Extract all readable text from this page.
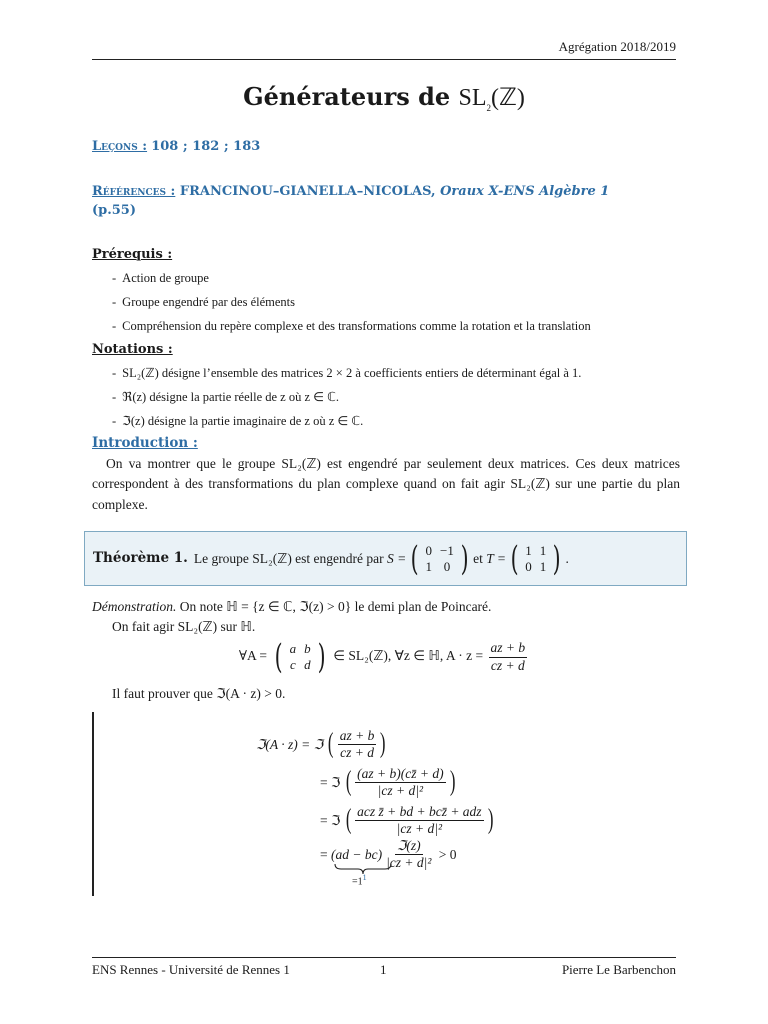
Agrégation 2018/2019
Générateurs de $SL_2(ℤ)$
Leçons : 108 ; 182 ; 183
Références : FRANCINOU–GIANELLA–NICOLAS, Oraux X-ENS Algèbre 1
(p.55)
Prérequis :
- Action de groupe
- Groupe engendré par des éléments
- Compréhension du repère complexe et des transformations comme la rotation et la translation
Notations :
- SL₂(ℤ) désigne l’ensemble des matrices 2 × 2 à coefficients entiers de déterminant égal à 1.
- ℜ(z) désigne la partie réelle de z où z ∈ ℂ.
- ℑ(z) désigne la partie imaginaire de z où z ∈ ℂ.
Introduction :
On va montrer que le groupe SL₂(ℤ) est engendré par seulement deux matrices. Ces deux matrices correspondent à des transformations du plan complexe quand on fait agir SL₂(ℤ) sur une partie du plan complexe.
Théorème 1. Le groupe SL₂(ℤ) est engendré par
S = ( 0	−1
1	0 ) et
T = ( 1	1
0	1 ) .
Démonstration. On note ℍ = {z ∈ ℂ, ℑ(z) > 0} le demi plan de Poincaré.
On fait agir SL₂(ℤ) sur ℍ.
∀A = ( a	b
c	d ) ∈ SL₂(ℤ), ∀z ∈ ℍ, $A \cdot z = \frac{az + b}{cz + d}$
Il faut prouver que ℑ(A · z) > 0.
ℑ(A · z) = ℑ
( $\frac{az + b}{cz + d}$ )
= ℑ
( $\frac{(az + b)(cz̄ + d)}{\text{|cz + d|²}}$ )
= ℑ
( $\frac{\text{acz z̄ + bd + bcz̄ + adz}}{\text{|cz + d|²}}$ )
=
$(ad - bc) \frac{\text{ℑ(z)}}{\text{|cz + d|²}}$
> 0
$=1^1$
ENS Rennes - Université de Rennes 1	1	Pierre Le Barbenchon
